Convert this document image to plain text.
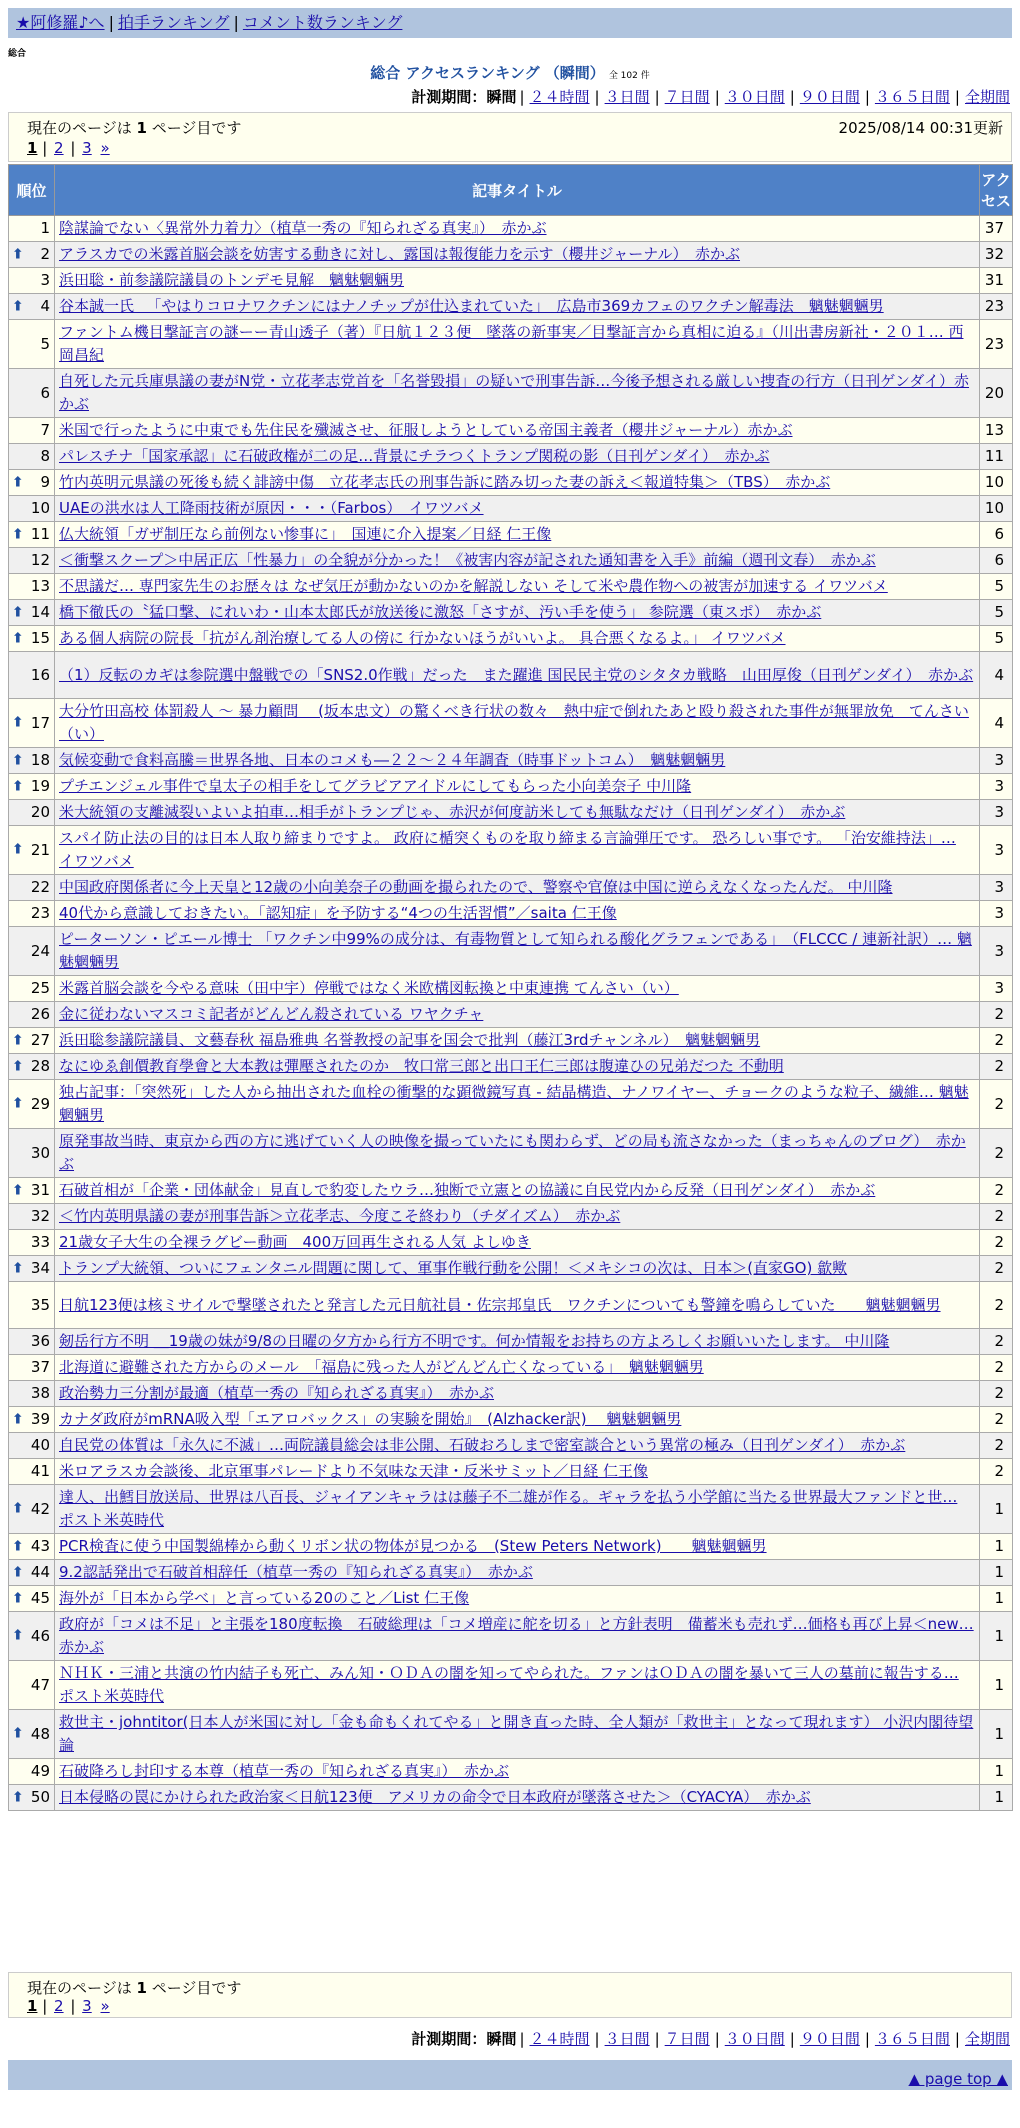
★阿修羅♪へ | 拍手ランキング | コメント数ランキング
総合
総合 アクセスランキング （瞬間） 全 102 件
計測期間：瞬間 | ２４時間 | ３日間 | ７日間 | ３０日間 | ９０日間 | ３６５日間 | 全期間
現在のページは 1 ページ目です	2025/08/14 00:31更新
1 | 2 | 3 »
順位	記事タイトル	アクセス
1	陰謀論でない〈異常外力着力〉（植草一秀の『知られざる真実』）　赤かぶ	37

⬆ 2	アラスカでの米露首脳会談を妨害する動きに対し、露国は報復能力を示す（櫻井ジャーナル）　赤かぶ	32
3	浜田聡・前参議院議員のトンデモ見解　魑魅魍魎男	31

⬆ 4	谷本誠一氏 　「やはりコロナワクチンにはナノチップが仕込まれていた」　広島市369カフェのワクチン解毒法　魑魅魍魎男	23
5	ファントム機目撃証言の謎ーー青山透子（著）『日航１２３便　墜落の新事実／目撃証言から真相に迫る』（川出書房新社・２０１… 西岡昌紀	23
6	自死した元兵庫県議の妻がN党・立花孝志党首を「名誉毀損」の疑いで刑事告訴…今後予想される厳しい捜査の行方（日刊ゲンダイ）赤かぶ	20
7	米国で行ったように中東でも先住民を殲滅させ、征服しようとしている帝国主義者（櫻井ジャーナル）赤かぶ	13
8	パレスチナ「国家承認」に石破政権が二の足…背景にチラつくトランプ関税の影（日刊ゲンダイ）　赤かぶ	11

⬆ 9	竹内英明元県議の死後も続く誹謗中傷　立花孝志氏の刑事告訴に踏み切った妻の訴え＜報道特集＞（TBS）　赤かぶ	10
10	UAEの洪水は人工降雨技術が原因・・・（Farbos）　イワツバメ	10

⬆ 11	仏大統領「ガザ制圧なら前例ない惨事に」　国連に介入提案／日経 仁王像	6
12	＜衝撃スクープ＞中居正広「性暴力」の全貌が分かった！《被害内容が記された通知書を入手》前編（週刊文春）　赤かぶ	6
13	不思議だ… 専門家先生のお歴々は なぜ気圧が動かないのかを解説しない そして米や農作物への被害が加速する イワツバメ	5

⬆ 14	橋下徹氏の〝猛口撃、にれいわ・山本太郎氏が放送後に激怒「さすが、汚い手を使う」 参院選（東スポ）　赤かぶ	5

⬆ 15	ある個人病院の院長「抗がん剤治療してる人の傍に 行かないほうがいいよ。 具合悪くなるよ。」 イワツバメ	5
16	（1）反転のカギは参院選中盤戦での「SNS2.0作戦」だった　また躍進 国民民主党のシタタカ戦略　山田厚俊（日刊ゲンダイ）　赤かぶ	4

⬆ 17	大分竹田高校 体罰殺人 ～ 暴力顧問 　(坂本忠文）の驚くべき行状の数々　熱中症で倒れたあと殴り殺された事件が無罪放免　てんさい（い）	4

⬆ 18	気候変動で食料高騰＝世界各地、日本のコメも―２２～２４年調査（時事ドットコム）　魑魅魍魎男	3

⬆ 19	プチエンジェル事件で皇太子の相手をしてグラビアアイドルにしてもらった小向美奈子 中川隆	3
20	米大統領の支離滅裂いよいよ拍車…相手がトランプじゃ、赤沢が何度訪米しても無駄なだけ（日刊ゲンダイ）　赤かぶ	3

⬆ 21	スパイ防止法の目的は日本人取り締まりですよ。 政府に楯突くものを取り締まる言論弾圧です。 恐ろしい事です。 「治安維持法」… イワツバメ	3
22	中国政府関係者に今上天皇と12歳の小向美奈子の動画を撮られたので、警察や官僚は中国に逆らえなくなったんだ。 中川隆	3
23	40代から意識しておきたい。「認知症」を予防する“4つの生活習慣”／saita 仁王像	3
24	ピーターソン・ピエール博士 「ワクチン中99%の成分は、有毒物質として知られる酸化グラフェンである」　（FLCCC / 連新社訳）… 魑魅魍魎男	3
25	米露首脳会談を今やる意味（田中宇）停戦ではなく米欧構図転換と中東連携 てんさい（い）	3
26	金に従わないマスコミ記者がどんどん殺されている ワヤクチャ	2

⬆ 27	浜田聡参議院議員、文藝春秋 福島雅典 名誉教授の記事を国会で批判（藤江3rdチャンネル）　魑魅魍魎男	2

⬆ 28	なにゆゑ創價教育學會と大本教は彈壓されたのか　牧口常三郎と出口王仁三郎は腹違ひの兄弟だつた 不動明	2

⬆ 29	独占記事：「突然死」した人から抽出された血栓の衝撃的な顕微鏡写真 - 結晶構造、ナノワイヤー、チョークのような粒子、繊維… 魑魅魍魎男	2
30	原発事故当時、東京から西の方に逃げていく人の映像を撮っていたにも関わらず、どの局も流さなかった（まっちゃんのブログ）　赤かぶ	2

⬆ 31	石破首相が「企業・団体献金」見直しで豹変したウラ…独断で立憲との協議に自民党内から反発（日刊ゲンダイ）　赤かぶ	2
32	＜竹内英明県議の妻が刑事告訴＞立花孝志、今度こそ終わり（チダイズム）　赤かぶ	2
33	21歳女子大生の全裸ラグビー動画　400万回再生される人気 よしゆき	2

⬆ 34	トランプ大統領、ついにフェンタニル問題に関して、軍事作戦行動を公開！＜メキシコの次は、日本＞(直家GO) 歙歟	2
35	日航123便は核ミサイルで撃墜されたと発言した元日航社員・佐宗邦皇氏　ワクチンについても警鐘を鳴らしていた　　魑魅魍魎男	2
36	剱岳行方不明 ＿19歳の妹が9/8の日曜の夕方から行方不明です。何か情報をお持ちの方よろしくお願いいたします。 中川隆	2
37	北海道に避難された方からのメール　「福島に残った人がどんどん亡くなっている」　魑魅魍魎男	2
38	政治勢力三分割が最適（植草一秀の『知られざる真実』）　赤かぶ	2

⬆ 39	カナダ政府がmRNA吸入型「エアロバックス」の実験を開始』　(Alzhacker訳)　 魑魅魍魎男	2
40	自民党の体質は「永久に不滅」…両院議員総会は非公開、石破おろしまで密室談合という異常の極み（日刊ゲンダイ）　赤かぶ	2
41	米ロアラスカ会談後、北京軍事パレードより不気味な天津・反米サミット／日経 仁王像	2

⬆ 42	達人、出鱈目放送局、世界は八百長、ジャイアンキャラはは藤子不二雄が作る。ギャラを払う小学館に当たる世界最大ファンドと世… ポスト米英時代	1

⬆ 43	PCR検査に使う中国製綿棒から動くリボン状の物体が見つかる　(Stew Peters Network)　　魑魅魍魎男	1

⬆ 44	9.2認話発出で石破首相辞任（植草一秀の『知られざる真実』）　赤かぶ	1

⬆ 45	海外が「日本から学べ」と言っている20のこと／List 仁王像	1

⬆ 46	政府が「コメは不足」と主張を180度転換　石破総理は「コメ増産に舵を切る」と方針表明　備蓄米も売れず…価格も再び上昇＜new… 赤かぶ	1
47	ＮＨＫ・三浦と共演の竹内結子も死亡、みん知・ＯＤＡの闇を知ってやられた。ファンはＯＤＡの闇を暴いて三人の墓前に報告する… ポスト米英時代	1

⬆ 48	救世主・johntitor(日本人が米国に対し「金も命もくれてやる」と開き直った時、全人類が「救世主」となって現れます） 小沢内閣待望論	1
49	石破降ろし封印する本尊（植草一秀の『知られざる真実』）　赤かぶ	1

⬆ 50	日本侵略の罠にかけられた政治家＜日航123便　アメリカの命令で日本政府が墜落させた＞（CYACYA）　赤かぶ	1
現在のページは 1 ページ目です
1 | 2 | 3 »
計測期間：瞬間 | ２４時間 | ３日間 | ７日間 | ３０日間 | ９０日間 | ３６５日間 | 全期間
▲ page top ▲
